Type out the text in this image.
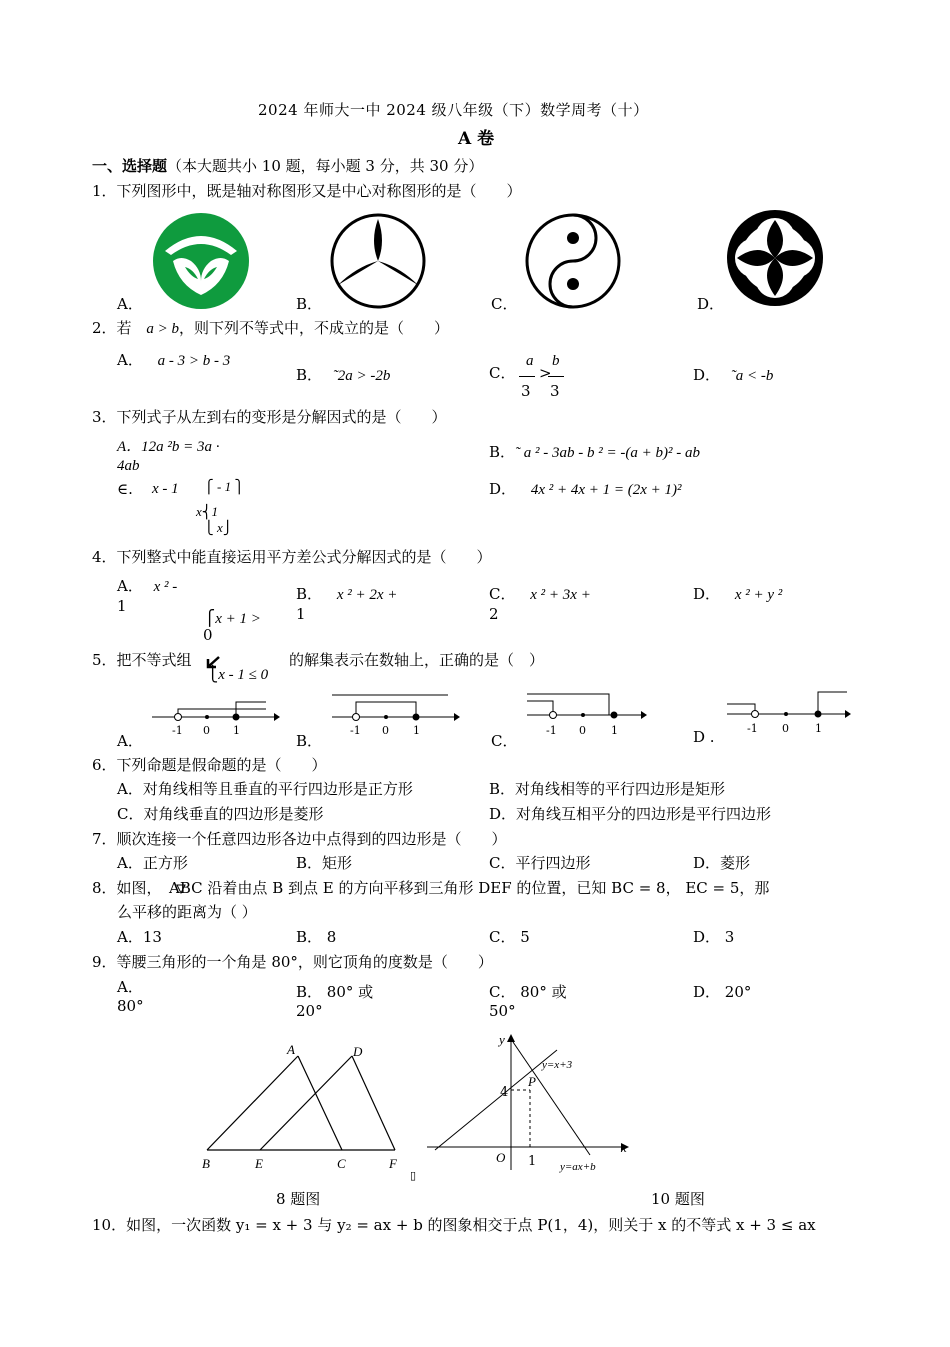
2024 年师大一中 2024 级八年级（下）数学周考（十）
A 卷
一、选择题（本大题共小 10 题，每小题 3 分，共 30 分）
1．下列图形中，既是轴对称图形又是中心对称图形的是（　　）
A．	B．	C．	D．
2．若 a > b，则下列不等式中，不成立的是（　　）
A． a - 3 > b - 3
B． ˜2a > -2b	C．
a
3
>
b
3
D． ˜a < -b
3．下列式子从左到右的变形是分解因式的是（　　）
A．12a ²b = 3a ·
4ab
B．˜ a ² - 3ab - b ² = -(a + b)² - ab
∈. x - 1 ⎧ - 1 ⎫
x⎨1
⎩ x⎭
D． 4x ² + 4x + 1 = (2x + 1)²
4．下列整式中能直接运用平方差公式分解因式的是（　　）
A． x ² -
1
B． x ² + 2x +
1
C． x ² + 3x +
2
D． x ² + y ²
⎧x + 1 >
0
5．把不等式组
⎩x - 1 ≤ 0
的解集表示在数轴上，正确的是（　）
-1 0 1
A．
-1 0 1
B．
-1 0 1
C．
-1 0 1
D .
6．下列命题是假命题的是（　　）
A．对角线相等且垂直的平行四边形是正方形	B．对角线相等的平行四边形是矩形
C．对角线垂直的四边形是菱形	D．对角线互相平分的四边形是平行四边形
7．顺次连接一个任意四边形各边中点得到的四边形是（　　）
A．正方形	B．矩形	C．平行四边形	D．菱形
8．如图，　ABC 沿着由点 B 到点 E 的方向平移到三角形 DEF 的位置，已知 BC = 8， EC = 5，那
么平移的距离为（ ）
A．13	B． 8	C． 5	D． 3
9．等腰三角形的一个角是 80°，则它顶角的度数是（　　）
A．
80°
B． 80° 或
20°
C． 80° 或
50°
D． 20°
A	D
B	E	C	F
8 题图
▯
y
x
O
P
4
1
y=x+3
y=ax+b
10 题图
10．如图，一次函数 y₁ = x + 3 与 y₂ = ax + b 的图象相交于点 P(1，4)，则关于 x 的不等式 x + 3 ≤ ax
